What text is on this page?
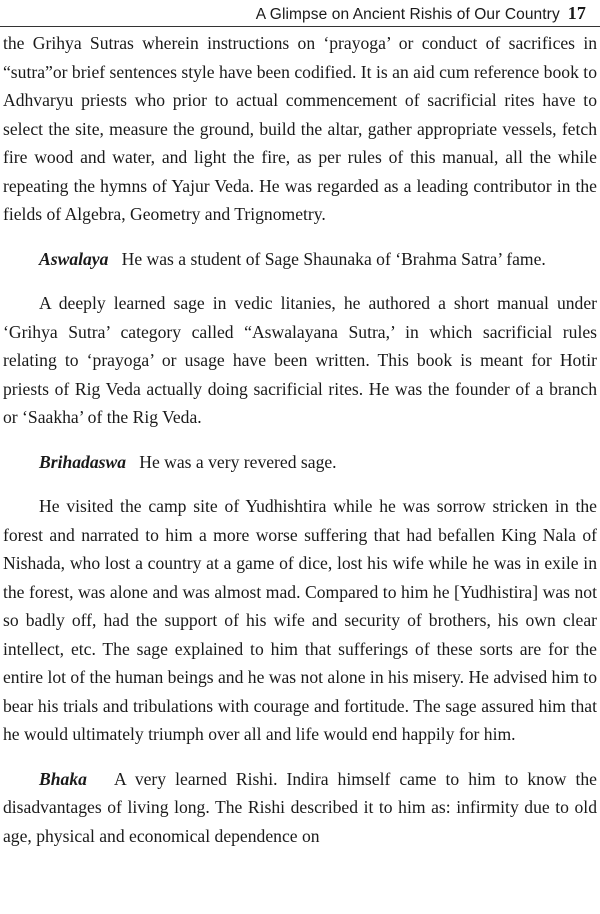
A Glimpse on Ancient Rishis of Our Country 17

the Grihya Sutras wherein instructions on ‘prayoga’ or conduct of sacrifices in “sutra”or brief sentences style have been codified. It is an aid cum reference book to Adhvaryu priests who prior to actual commencement of sacrificial rites have to select the site, measure the ground, build the altar, gather appropriate vessels, fetch fire wood and water, and light the fire, as per rules of this manual, all the while repeating the hymns of Yajur Veda. He was regarded as a leading contributor in the fields of Algebra, Geometry and Trignometry.

Aswalaya He was a student of Sage Shaunaka of ‘Brahma Satra’ fame.

A deeply learned sage in vedic litanies, he authored a short manual under ‘Grihya Sutra’ category called “Aswalayana Sutra,’ in which sacrificial rules relating to ‘prayoga’ or usage have been written. This book is meant for Hotir priests of Rig Veda actually doing sacrificial rites. He was the founder of a branch or ‘Saakha’ of the Rig Veda.

Brihadaswa He was a very revered sage.

He visited the camp site of Yudhishtira while he was sorrow stricken in the forest and narrated to him a more worse suffering that had befallen King Nala of Nishada, who lost a country at a game of dice, lost his wife while he was in exile in the forest, was alone and was almost mad. Compared to him he [Yudhistira] was not so badly off, had the support of his wife and security of brothers, his own clear intellect, etc. The sage explained to him that sufferings of these sorts are for the entire lot of the human beings and he was not alone in his misery. He advised him to bear his trials and tribulations with courage and fortitude. The sage assured him that he would ultimately triumph over all and life would end happily for him.

Bhaka A very learned Rishi. Indira himself came to him to know the disadvantages of living long. The Rishi described it to him as: infirmity due to old age, physical and economical dependence on
